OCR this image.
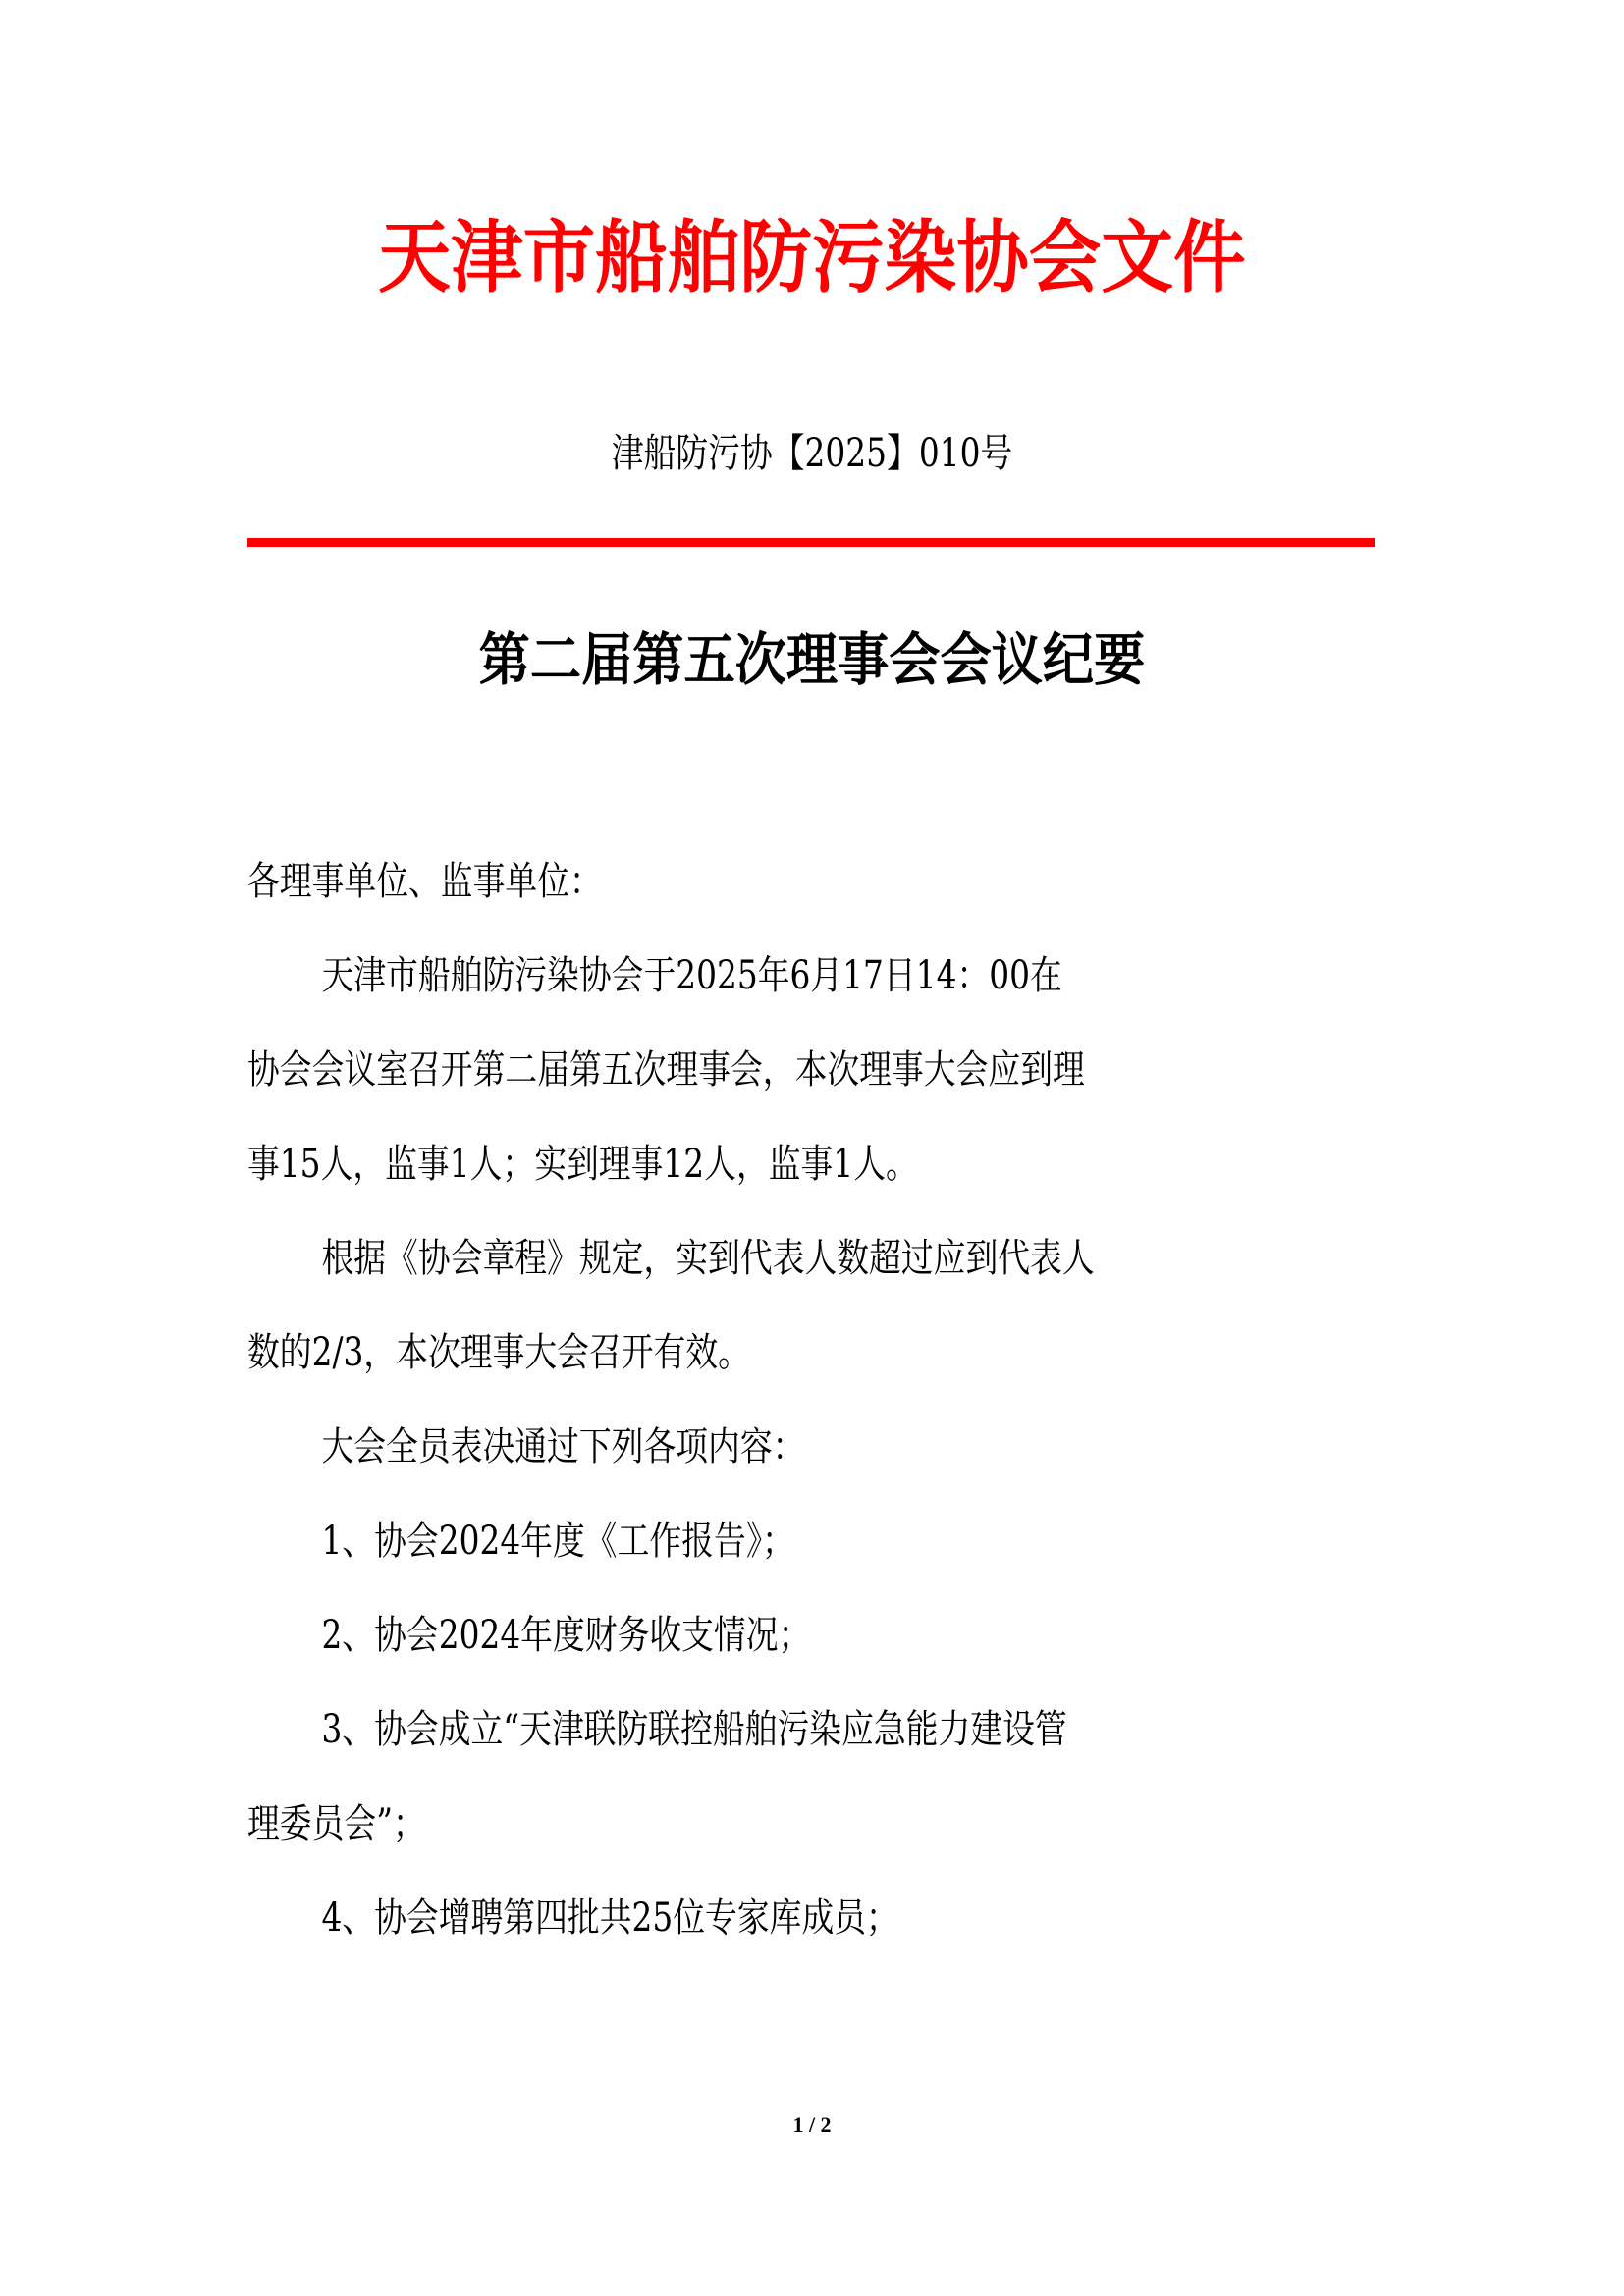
天津市船舶防污染协会文件
津船防污协【2025】010号
第二届第五次理事会会议纪要
各理事单位、监事单位：
天津市船舶防污染协会于2025年6月17日14：00在
协会会议室召开第二届第五次理事会，本次理事大会应到理
事15人，监事1人；实到理事12人，监事1人。
根据《协会章程》规定，实到代表人数超过应到代表人
数的2/3，本次理事大会召开有效。
大会全员表决通过下列各项内容：
1、协会2024年度《工作报告》；
2、协会2024年度财务收支情况；
3、协会成立“天津联防联控船舶污染应急能力建设管
理委员会”；
4、协会增聘第四批共25位专家库成员；
1 / 2
